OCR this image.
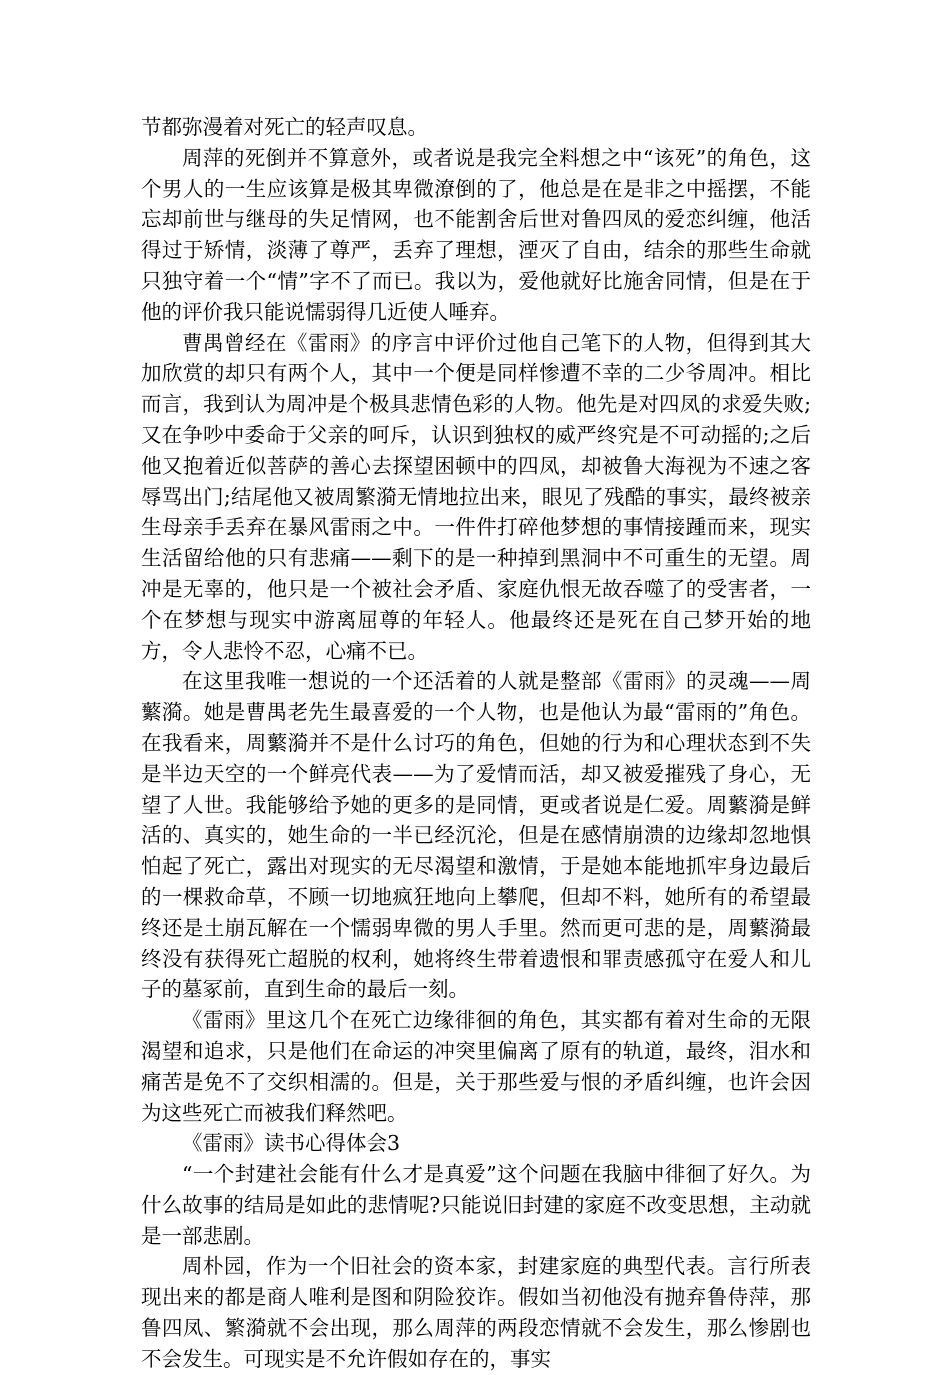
节都弥漫着对死亡的轻声叹息。

周萍的死倒并不算意外，或者说是我完全料想之中“该死”的角色，这个男人的一生应该算是极其卑微潦倒的了，他总是在是非之中摇摆，不能忘却前世与继母的失足情网，也不能割舍后世对鲁四凤的爱恋纠缠，他活得过于矫情，淡薄了尊严，丢弃了理想，湮灭了自由，结余的那些生命就只独守着一个“情”字不了而已。我以为，爱他就好比施舍同情，但是在于他的评价我只能说懦弱得几近使人唾弃。

曹禺曾经在《雷雨》的序言中评价过他自己笔下的人物，但得到其大加欣赏的却只有两个人，其中一个便是同样惨遭不幸的二少爷周冲。相比而言，我到认为周冲是个极具悲情色彩的人物。他先是对四凤的求爱失败;又在争吵中委命于父亲的呵斥，认识到独权的威严终究是不可动摇的;之后他又抱着近似菩萨的善心去探望困顿中的四凤，却被鲁大海视为不速之客辱骂出门;结尾他又被周繁漪无情地拉出来，眼见了残酷的事实，最终被亲生母亲手丢弃在暴风雷雨之中。一件件打碎他梦想的事情接踵而来，现实生活留给他的只有悲痛——剩下的是一种掉到黑洞中不可重生的无望。周冲是无辜的，他只是一个被社会矛盾、家庭仇恨无故吞噬了的受害者，一个在梦想与现实中游离屈尊的年轻人。他最终还是死在自己梦开始的地方，令人悲怜不忍，心痛不已。

在这里我唯一想说的一个还活着的人就是整部《雷雨》的灵魂——周蘩漪。她是曹禺老先生最喜爱的一个人物，也是他认为最“雷雨的”角色。在我看来，周蘩漪并不是什么讨巧的角色，但她的行为和心理状态到不失是半边天空的一个鲜亮代表——为了爱情而活，却又被爱摧残了身心，无望了人世。我能够给予她的更多的是同情，更或者说是仁爱。周蘩漪是鲜活的、真实的，她生命的一半已经沉沦，但是在感情崩溃的边缘却忽地惧怕起了死亡，露出对现实的无尽渴望和激情，于是她本能地抓牢身边最后的一棵救命草，不顾一切地疯狂地向上攀爬，但却不料，她所有的希望最终还是土崩瓦解在一个懦弱卑微的男人手里。然而更可悲的是，周蘩漪最终没有获得死亡超脱的权利，她将终生带着遗恨和罪责感孤守在爱人和儿子的墓冢前，直到生命的最后一刻。

《雷雨》里这几个在死亡边缘徘徊的角色，其实都有着对生命的无限渴望和追求，只是他们在命运的冲突里偏离了原有的轨道，最终，泪水和痛苦是免不了交织相濡的。但是，关于那些爱与恨的矛盾纠缠，也许会因为这些死亡而被我们释然吧。

《雷雨》读书心得体会3

“一个封建社会能有什么才是真爱”这个问题在我脑中徘徊了好久。为什么故事的结局是如此的悲情呢?只能说旧封建的家庭不改变思想，主动就是一部悲剧。

周朴园，作为一个旧社会的资本家，封建家庭的典型代表。言行所表现出来的都是商人唯利是图和阴险狡诈。假如当初他没有抛弃鲁侍萍，那鲁四凤、繁漪就不会出现，那么周萍的两段恋情就不会发生，那么惨剧也不会发生。可现实是不允许假如存在的，事实
